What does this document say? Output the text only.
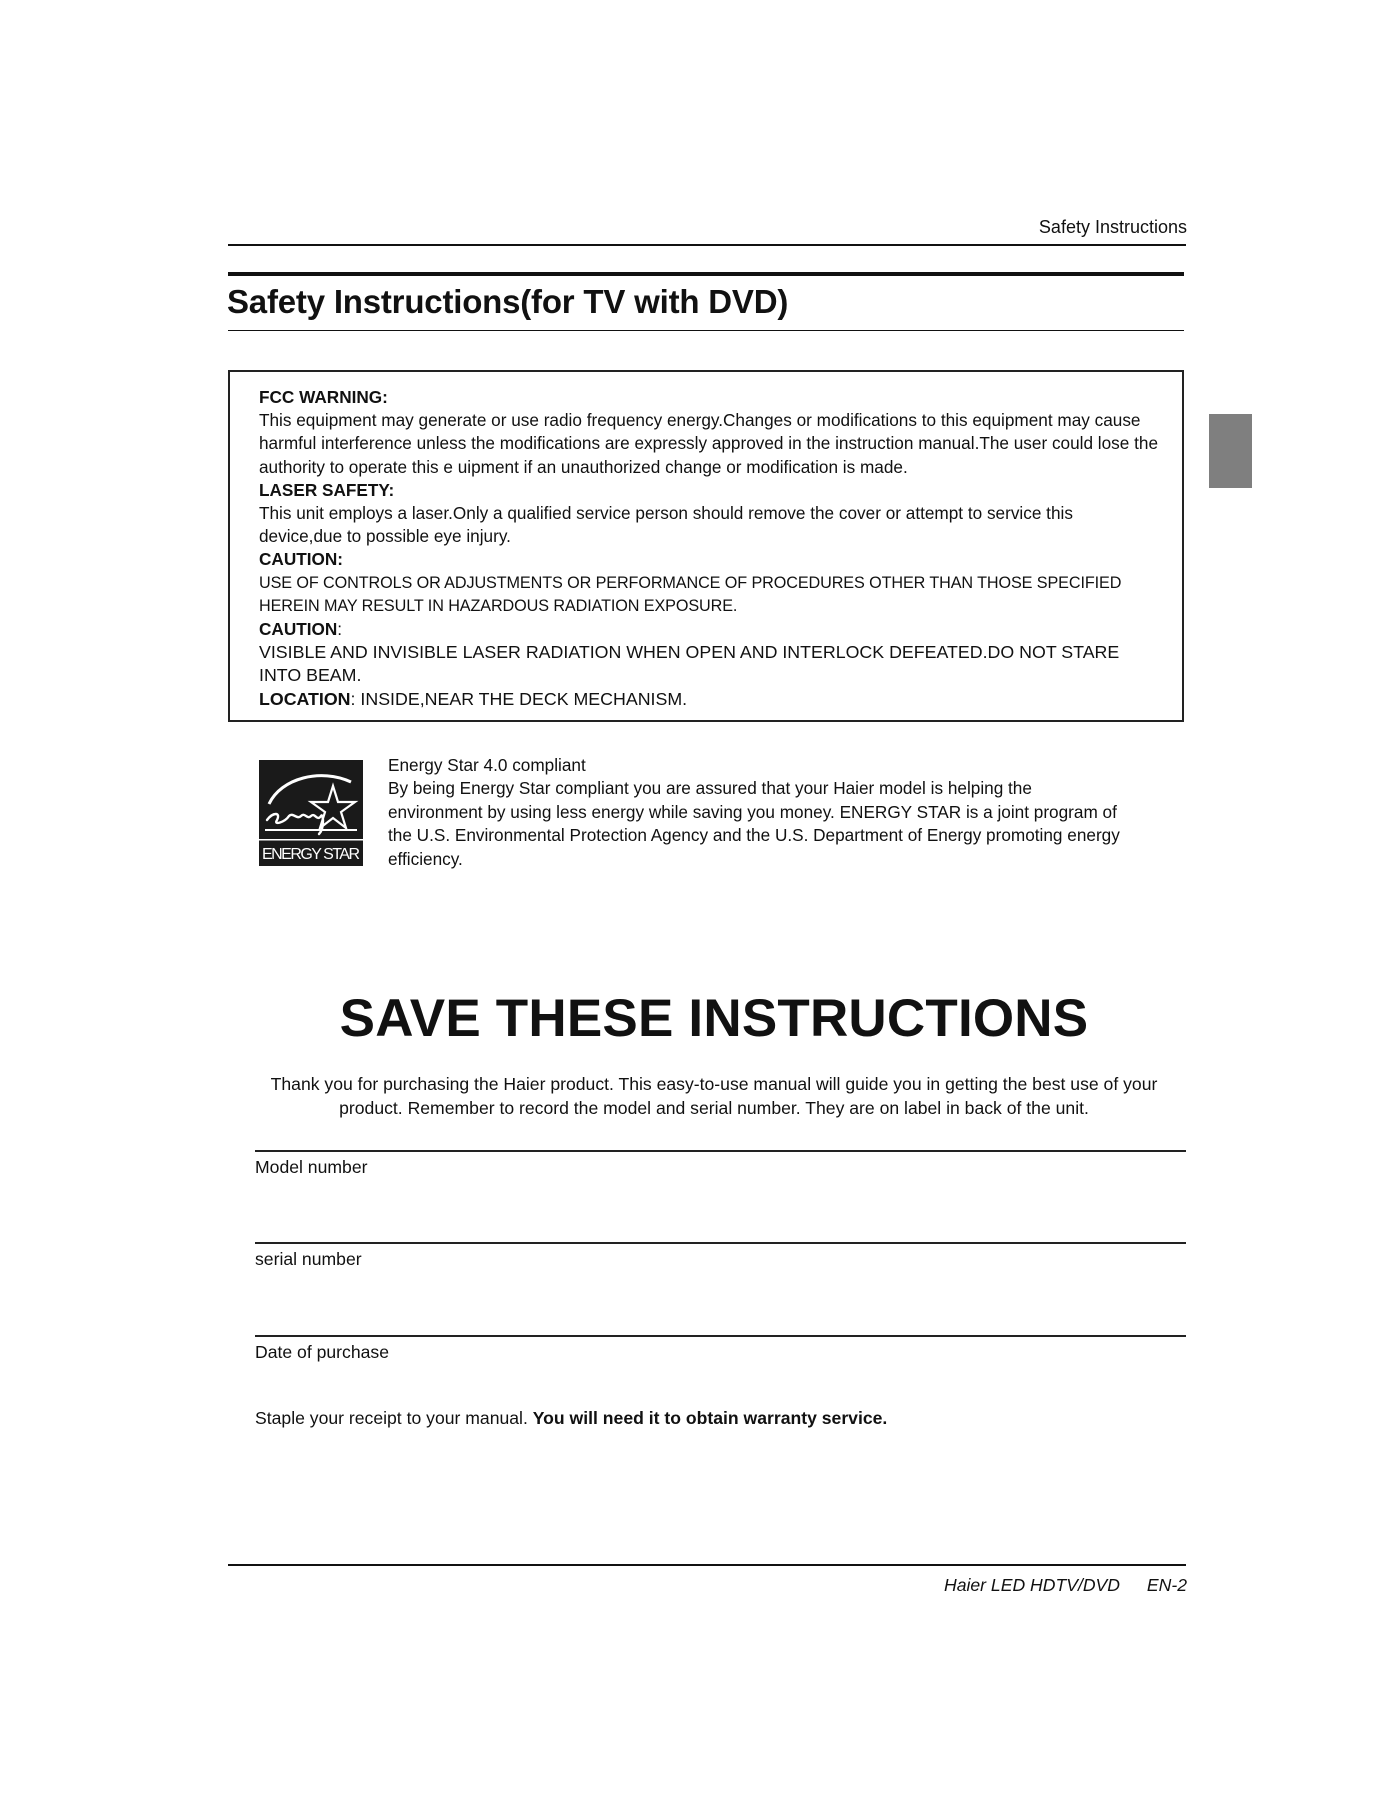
Safety Instructions
Safety Instructions(for TV with DVD)
FCC WARNING:
This equipment may generate or use radio frequency energy.Changes or modifications to this equipment may cause harmful interference unless the modifications are expressly approved in the instruction manual.The user could lose the authority to operate this e uipment if an unauthorized change or modification is made.
LASER SAFETY:
This unit employs a laser.Only a qualified service person should remove the cover or attempt to service this device,due to possible eye injury.
CAUTION:
USE OF CONTROLS OR ADJUSTMENTS OR PERFORMANCE OF PROCEDURES OTHER THAN THOSE SPECIFIED HEREIN MAY RESULT IN HAZARDOUS RADIATION EXPOSURE.
CAUTION:
VISIBLE AND INVISIBLE LASER RADIATION WHEN OPEN AND INTERLOCK DEFEATED.DO NOT STARE INTO BEAM.
LOCATION: INSIDE,NEAR THE DECK MECHANISM.
ENERGY STAR
Energy Star 4.0 compliant
By being Energy Star compliant you are assured that your Haier model is helping the environment by using less energy while saving you money. ENERGY STAR is a joint program of the U.S. Environmental Protection Agency and the U.S. Department of Energy promoting energy efficiency.
SAVE THESE INSTRUCTIONS
Thank you for purchasing the Haier product. This easy-to-use manual will guide you in getting the best use of your product. Remember to record the model and serial number. They are on label in back of the unit.
Model number
serial number
Date of purchase
Staple your receipt to your manual. You will need it to obtain warranty service.
Haier LED HDTV/DVD EN-2
